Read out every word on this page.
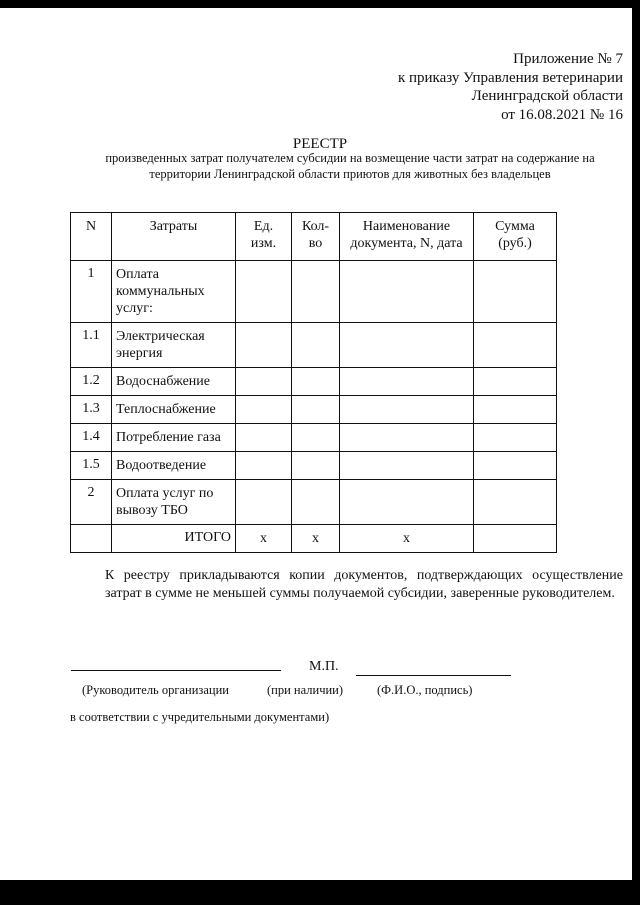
Приложение № 7
к приказу Управления ветеринарии
Ленинградской области
от 16.08.2021 № 16
РЕЕСТР
произведенных затрат получателем субсидии на возмещение части затрат на содержание на
территории Ленинградской области приютов для животных без владельцев
N	Затраты	Ед. изм.	Кол-во	Наименование документа, N, дата	Сумма (руб.)
1	Оплата коммунальных услуг:				
1.1	Электрическая энергия				
1.2	Водоснабжение				
1.3	Теплоснабжение				
1.4	Потребление газа				
1.5	Водоотведение				
2	Оплата услуг по вывозу ТБО				
	ИТОГО	х	х	х	
К реестру прикладываются копии документов, подтверждающих осуществление затрат в сумме не меньшей суммы получаемой субсидии, заверенные руководителем.
М.П.
(Руководитель организации	(при наличии)	(Ф.И.О., подпись)
в соответствии с учредительными документами)
